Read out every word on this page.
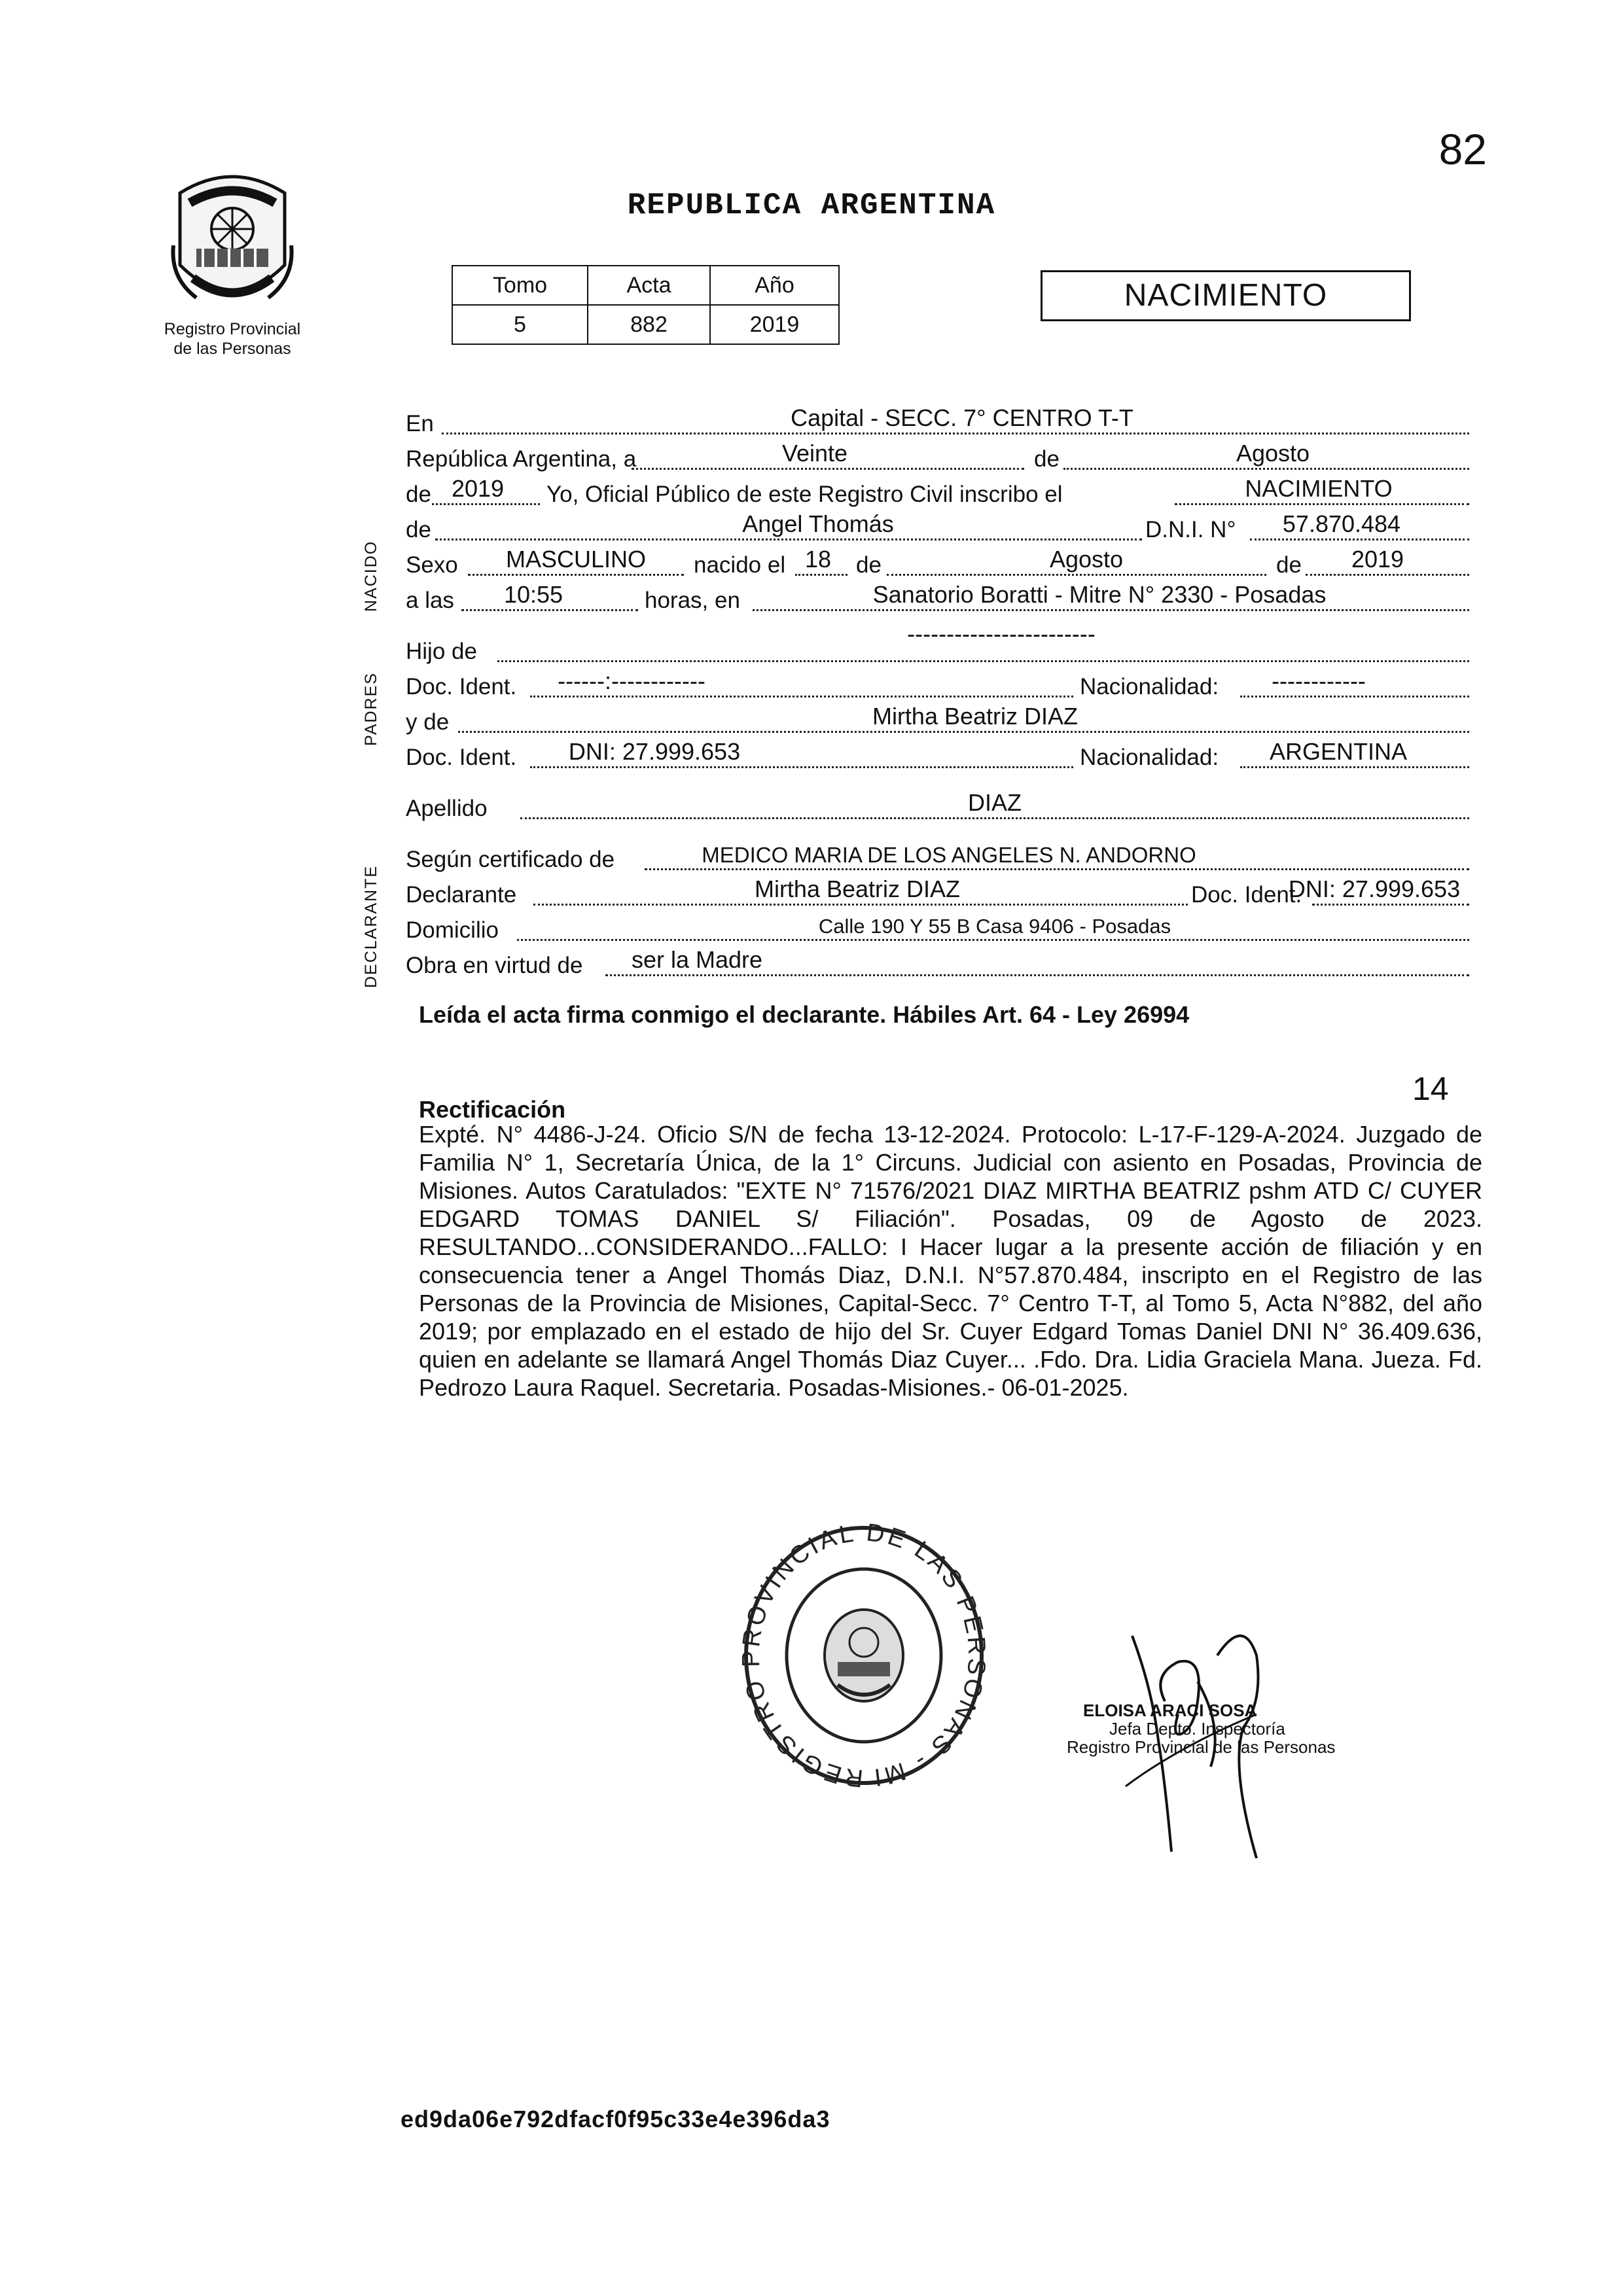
82
Registro Provincial
de las Personas
REPUBLICA ARGENTINA
Tomo	Acta	Año
5	882	2019
NACIMIENTO
NACIDO
PADRES
DECLARANTE
En	Capital - SECC. 7° CENTRO T-T
República Argentina, a	Veinte	de	Agosto
de 2019 Yo, Oficial Público de este Registro Civil inscribo el	NACIMIENTO
de	Angel Thomás	D.N.I. N°	57.870.484
Sexo	MASCULINO	nacido el 18 de	Agosto	de	2019
a las	10:55	horas, en	Sanatorio Boratti - Mitre N° 2330 - Posadas
Hijo de
------------------------
Doc. Ident.	------:------------	Nacionalidad:	------------
y de	Mirtha Beatriz DIAZ
Doc. Ident.	DNI: 27.999.653	Nacionalidad:	ARGENTINA
Apellido	DIAZ
Según certificado de	MEDICO MARIA DE LOS ANGELES N. ANDORNO
Declarante	Mirtha Beatriz DIAZ	Doc. Ident.
DNI: 27.999.653
Domicilio	Calle 190 Y 55 B Casa 9406 - Posadas
Obra en virtud de	ser la Madre
Leída el acta firma conmigo el declarante. Hábiles Art. 64 - Ley 26994
14
Rectificación
Expté. N° 4486-J-24. Oficio S/N de fecha 13-12-2024. Protocolo: L-17-F-129-A-2024. Juzgado de Familia N° 1, Secretaría Única, de la 1° Circuns. Judicial con asiento en Posadas, Provincia de Misiones. Autos Caratulados: "EXTE N° 71576/2021 DIAZ MIRTHA BEATRIZ pshm ATD C/ CUYER EDGARD TOMAS DANIEL S/ Filiación". Posadas, 09 de Agosto de 2023. RESULTANDO...CONSIDERANDO...FALLO: I Hacer lugar a la presente acción de filiación y en consecuencia tener a Angel Thomás Diaz, D.N.I. N°57.870.484, inscripto en el Registro de las Personas de la Provincia de Misiones, Capital-Secc. 7° Centro T-T, al Tomo 5, Acta N°882, del año 2019; por emplazado en el estado de hijo del Sr. Cuyer Edgard Tomas Daniel DNI N° 36.409.636, quien en adelante se llamará Angel Thomás Diaz Cuyer... .Fdo. Dra. Lidia Graciela Mana. Jueza. Fd. Pedrozo Laura Raquel. Secretaria. Posadas-Misiones.- 06-01-2025.
REGISTRO PROVINCIAL DE LAS PERSONAS - MI
ELOISA ARACI SOSA
Jefa Depto. Inspectoría
Registro Provincial de las Personas
ed9da06e792dfacf0f95c33e4e396da3
